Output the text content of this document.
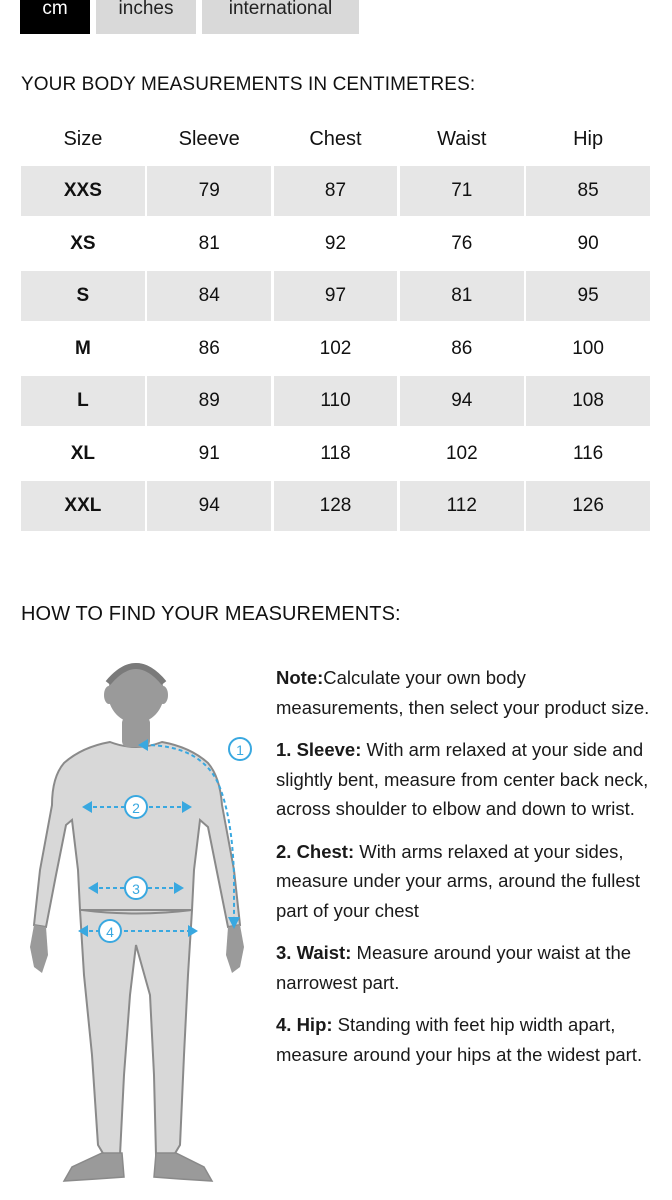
cm	inches	international
YOUR BODY MEASUREMENTS IN CENTIMETRES:
Size	Sleeve	Chest	Waist	Hip
XXS	79	87	71	85
XS	81	92	76	90
S	84	97	81	95
M	86	102	86	100
L	89	110	94	108
XL	91	118	102	116
XXL	94	128	112	126
HOW TO FIND YOUR MEASUREMENTS:
1
2
3
4

Note:Calculate your own body measurements, then select your product size.

1. Sleeve: With arm relaxed at your side and slightly bent, measure from center back neck, across shoulder to elbow and down to wrist.

2. Chest: With arms relaxed at your sides, measure under your arms, around the fullest part of your chest

3. Waist: Measure around your waist at the narrowest part.

4. Hip: Standing with feet hip width apart, measure around your hips at the widest part.
